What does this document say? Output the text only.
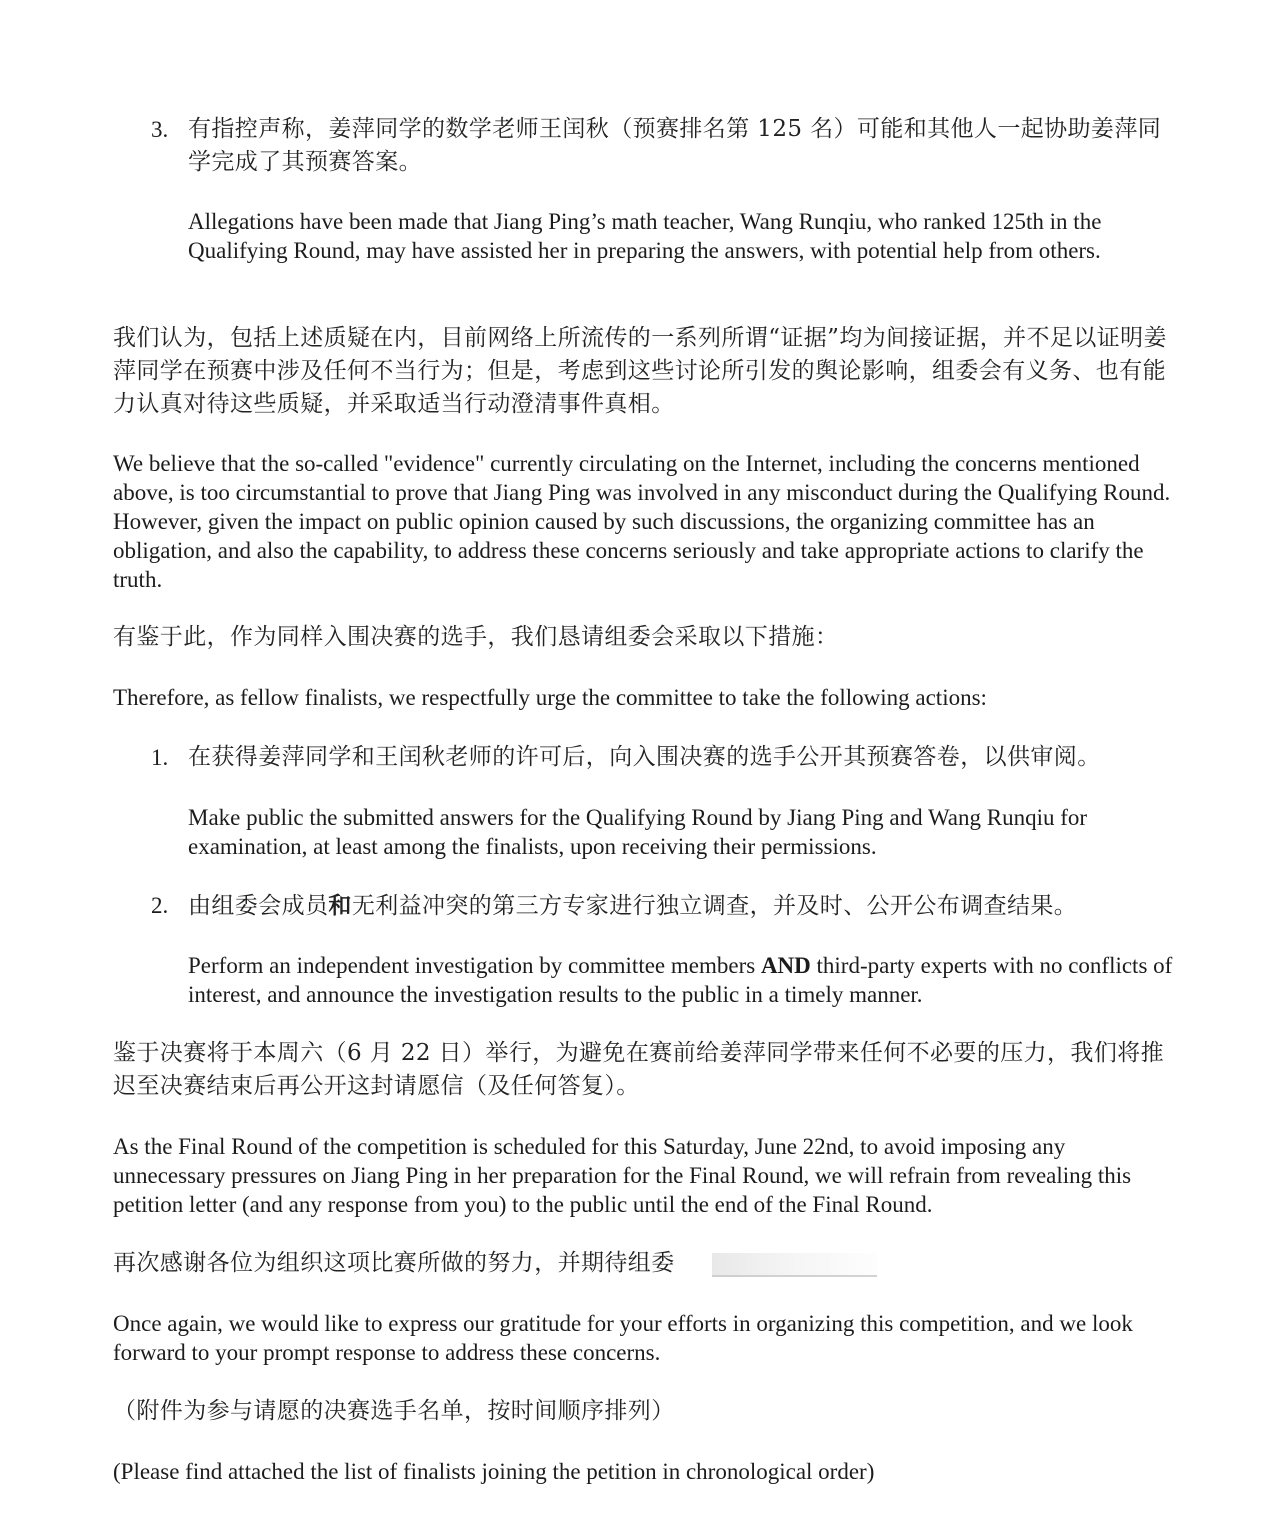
3. 有指控声称，姜萍同学的数学老师王闰秋（预赛排名第 125 名）可能和其他人一起协助姜萍同学完成了其预赛答案。

Allegations have been made that Jiang Ping’s math teacher, Wang Runqiu, who ranked 125th in the Qualifying Round, may have assisted her in preparing the answers, with potential help from others.

我们认为，包括上述质疑在内，目前网络上所流传的一系列所谓“证据”均为间接证据，并不足以证明姜萍同学在预赛中涉及任何不当行为；但是，考虑到这些讨论所引发的舆论影响，组委会有义务、也有能力认真对待这些质疑，并采取适当行动澄清事件真相。

We believe that the so-called "evidence" currently circulating on the Internet, including the concerns mentioned above, is too circumstantial to prove that Jiang Ping was involved in any misconduct during the Qualifying Round. However, given the impact on public opinion caused by such discussions, the organizing committee has an obligation, and also the capability, to address these concerns seriously and take appropriate actions to clarify the truth.

有鉴于此，作为同样入围决赛的选手，我们恳请组委会采取以下措施：

Therefore, as fellow finalists, we respectfully urge the committee to take the following actions:

1. 在获得姜萍同学和王闰秋老师的许可后，向入围决赛的选手公开其预赛答卷，以供审阅。

Make public the submitted answers for the Qualifying Round by Jiang Ping and Wang Runqiu for examination, at least among the finalists, upon receiving their permissions.

2. 由组委会成员和无利益冲突的第三方专家进行独立调查，并及时、公开公布调查结果。

Perform an independent investigation by committee members AND third-party experts with no conflicts of interest, and announce the investigation results to the public in a timely manner.

鉴于决赛将于本周六（6 月 22 日）举行，为避免在赛前给姜萍同学带来任何不必要的压力，我们将推迟至决赛结束后再公开这封请愿信（及任何答复）。

As the Final Round of the competition is scheduled for this Saturday, June 22nd, to avoid imposing any unnecessary pressures on Jiang Ping in her preparation for the Final Round, we will refrain from revealing this petition letter (and any response from you) to the public until the end of the Final Round.

再次感谢各位为组织这项比赛所做的努力，并期待组委

Once again, we would like to express our gratitude for your efforts in organizing this competition, and we look forward to your prompt response to address these concerns.

（附件为参与请愿的决赛选手名单，按时间顺序排列）

(Please find attached the list of finalists joining the petition in chronological order)
